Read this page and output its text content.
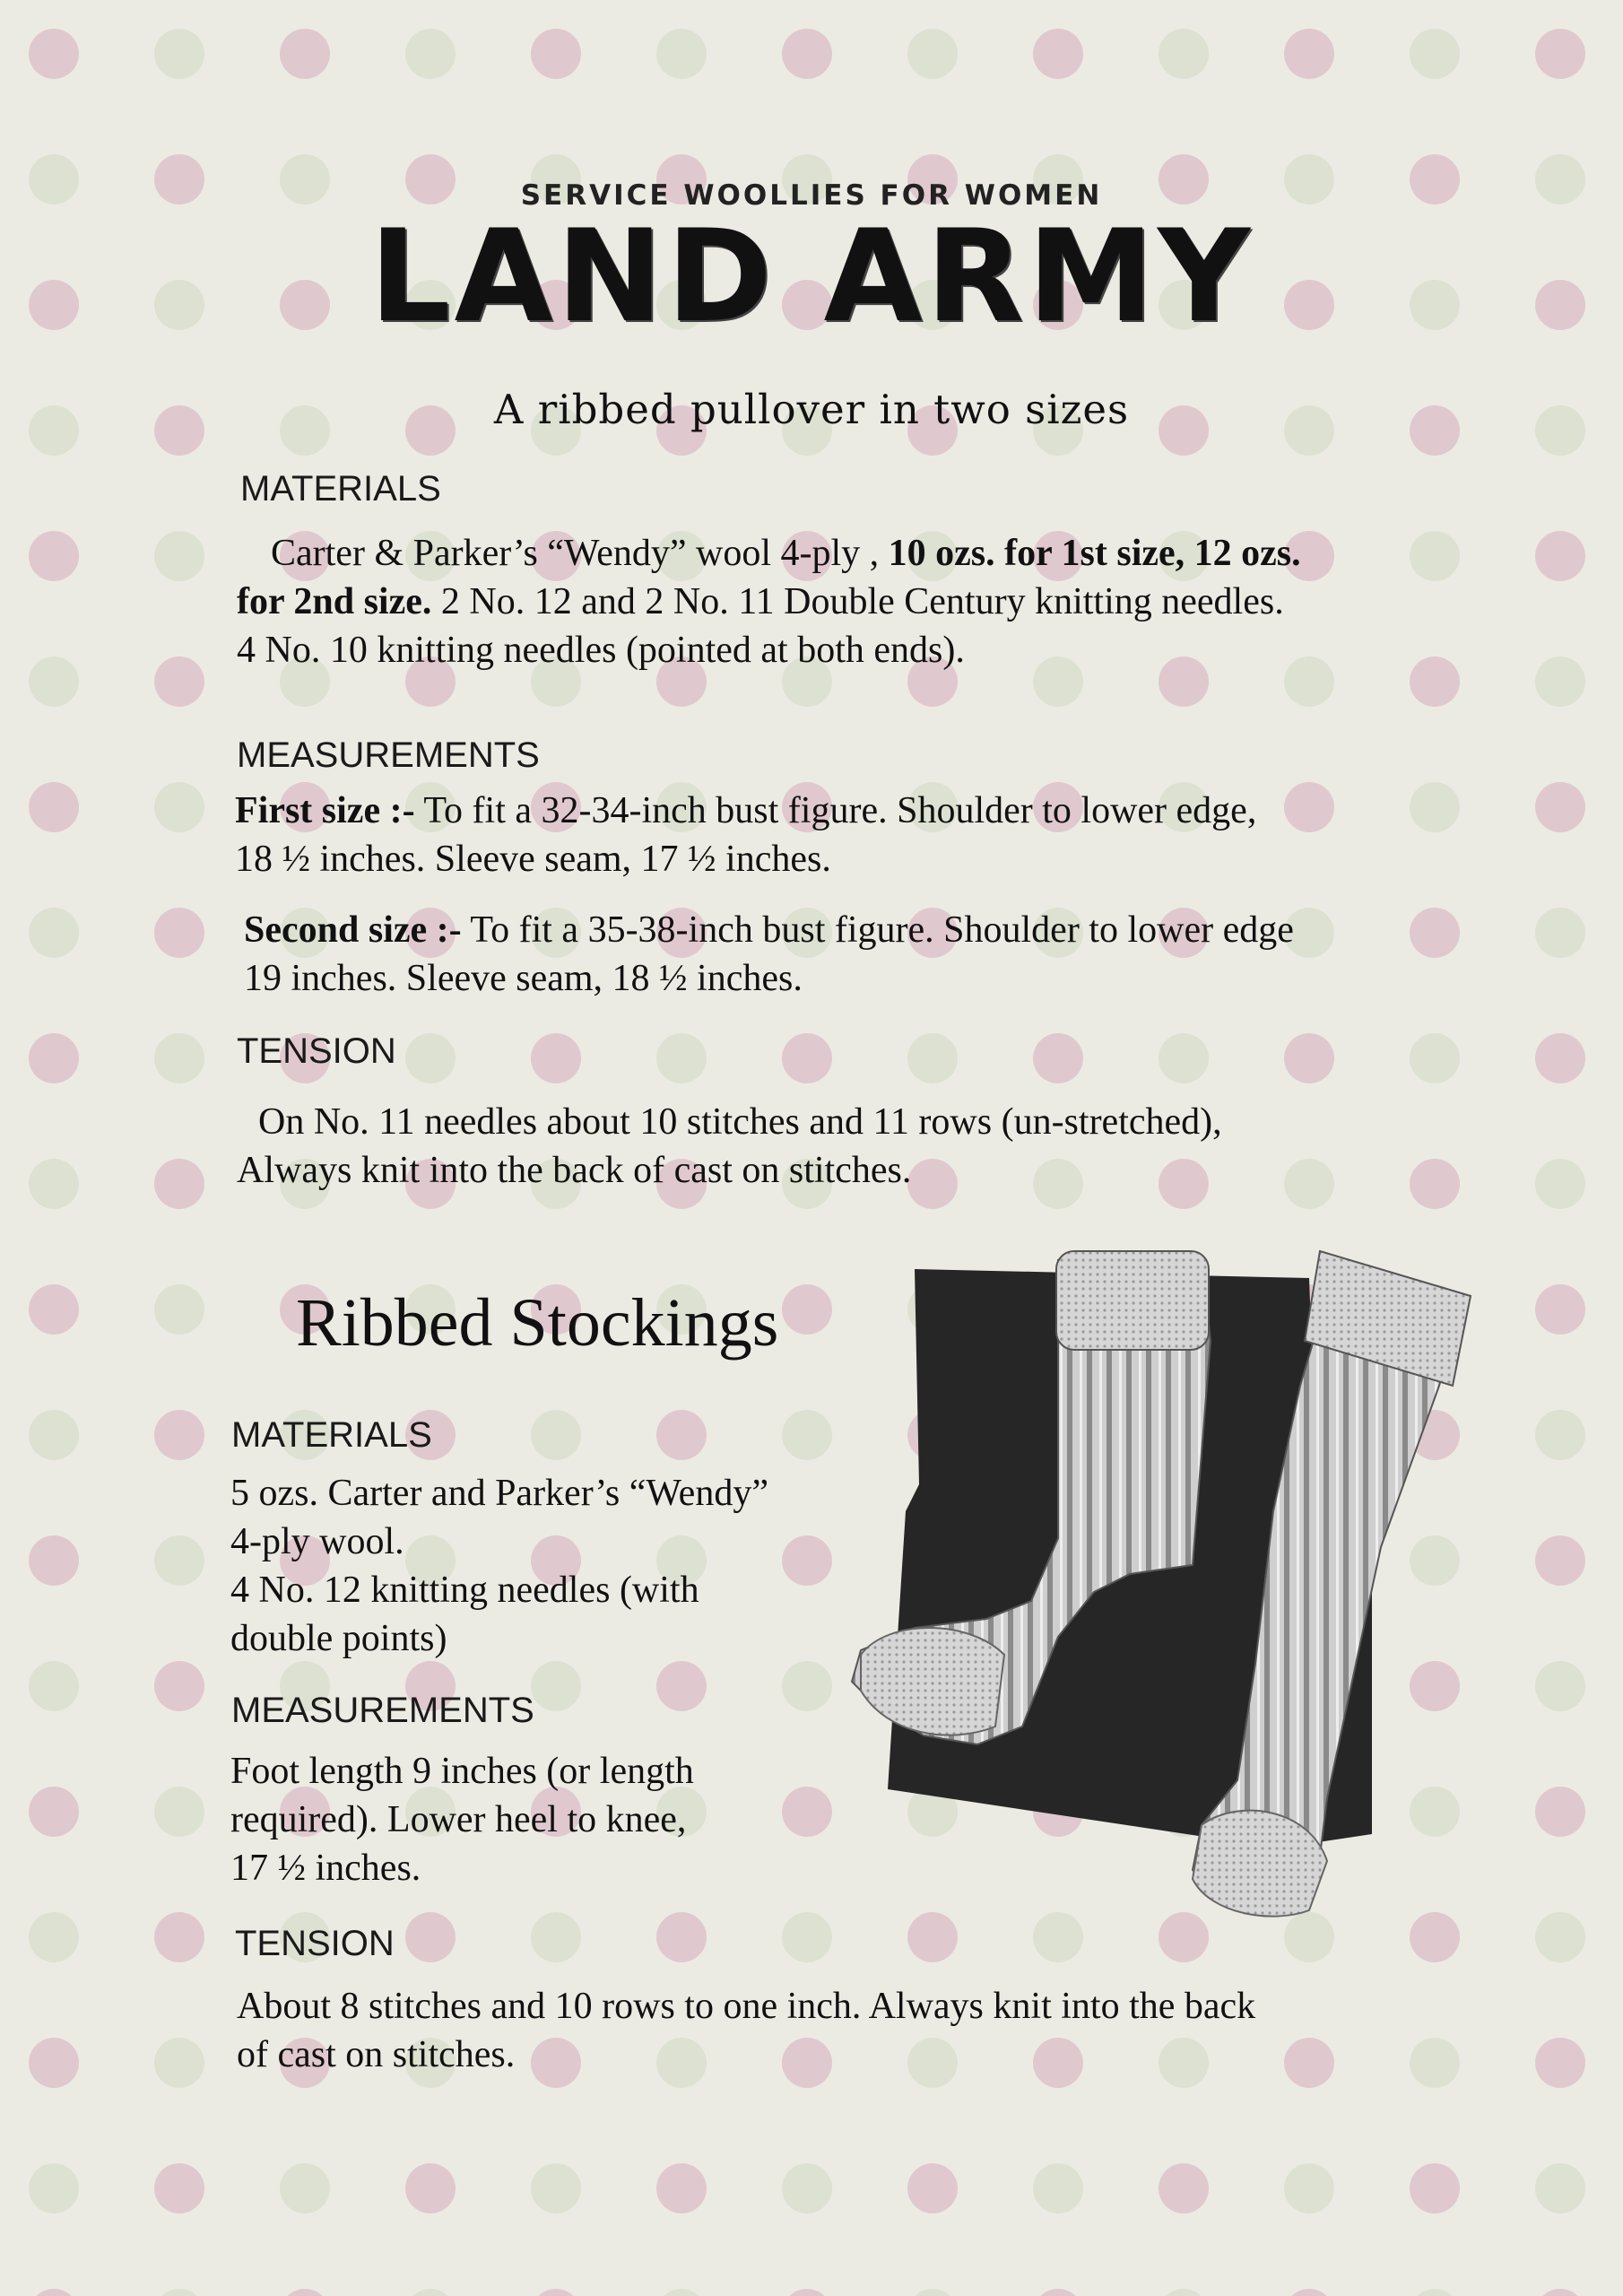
SERVICE WOOLLIES FOR WOMEN
LAND ARMY
A ribbed pullover in two sizes
MATERIALS
Carter & Parker’s “Wendy” wool 4-ply , 10 ozs. for 1st size, 12 ozs.
for 2nd size. 2 No. 12 and 2 No. 11 Double Century knitting needles.
4 No. 10 knitting needles (pointed at both ends).
MEASUREMENTS
First size :- To fit a 32-34-inch bust figure. Shoulder to lower edge,
18 ½ inches. Sleeve seam, 17 ½ inches.
Second size :- To fit a 35-38-inch bust figure. Shoulder to lower edge
19 inches. Sleeve seam, 18 ½ inches.
TENSION
On No. 11 needles about 10 stitches and 11 rows (un-stretched),
Always knit into the back of cast on stitches.
Ribbed Stockings
MATERIALS
5 ozs. Carter and Parker’s “Wendy”
4-ply wool.
4 No. 12 knitting needles (with
double points)
MEASUREMENTS
Foot length 9 inches (or length
required). Lower heel to knee,
17 ½ inches.
TENSION
About 8 stitches and 10 rows to one inch. Always knit into the back
of cast on stitches.
